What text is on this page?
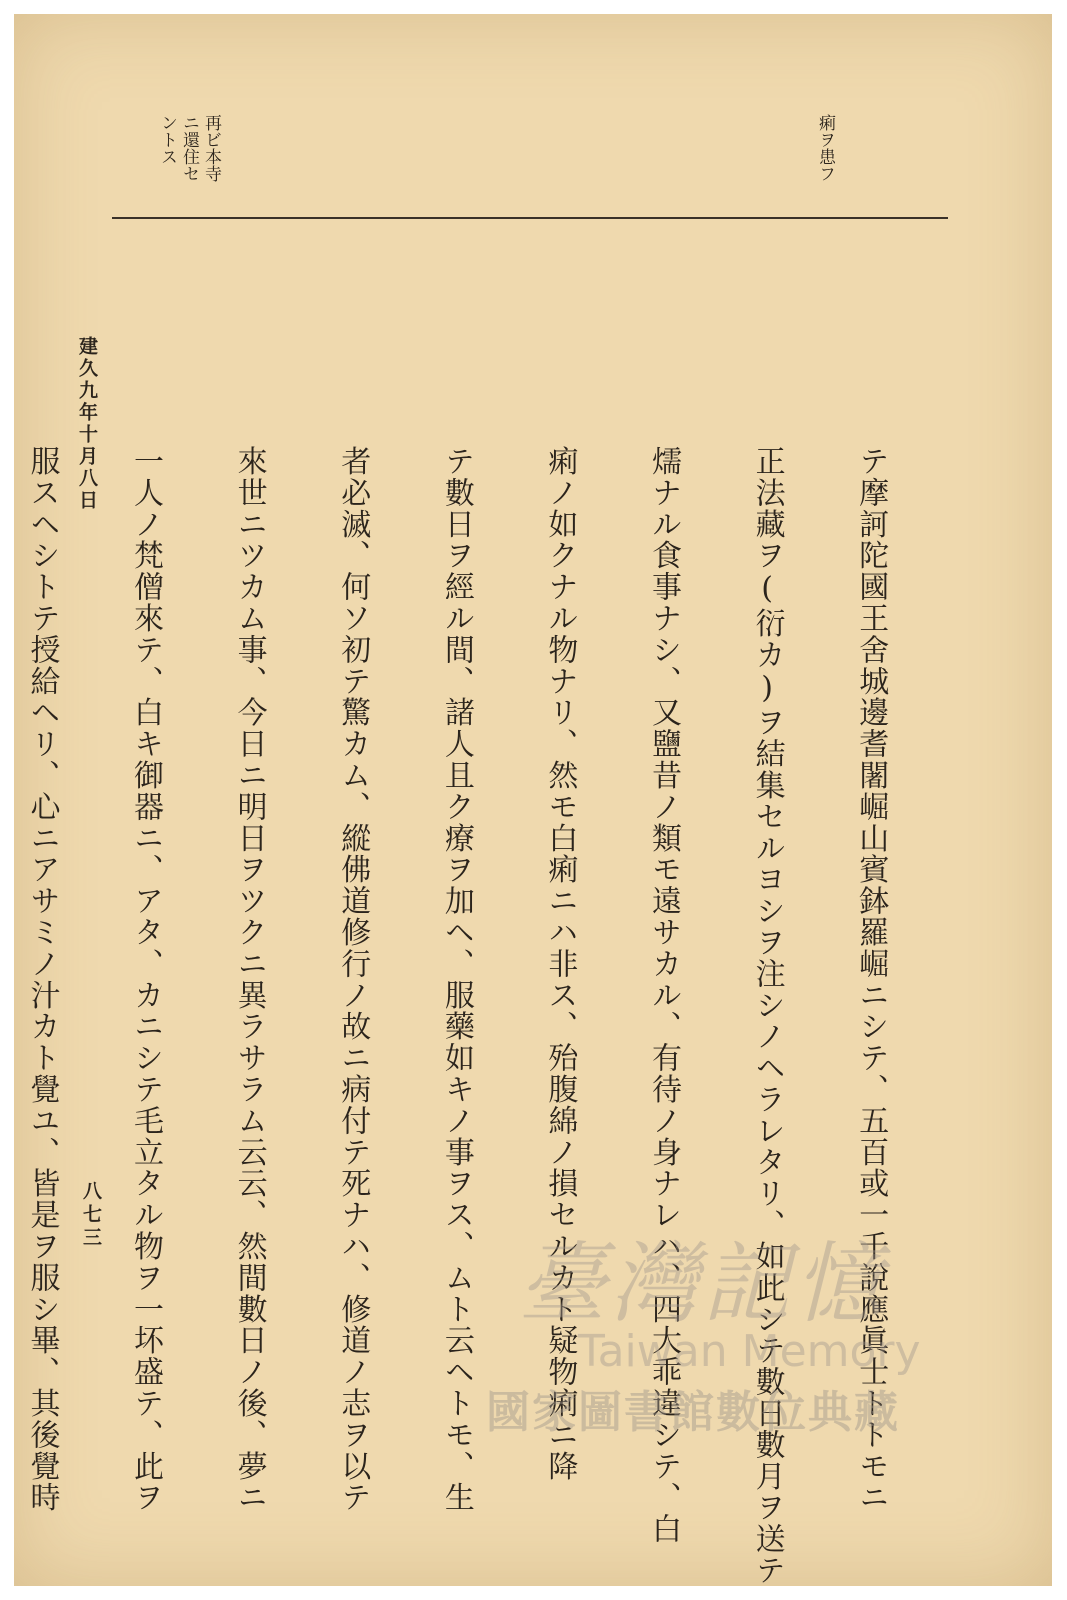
再ビ本寺
ニ還住セ
ントス	痢ヲ患フ

テ摩訶陀國王舍城邊耆闍崛山賓鉢羅崛ニシテ、五百或一千說應眞士トトモニ

正法藏ヲ(衍カ)ヲ結集セルヨシヲ注シノヘラレタリ、如此シテ數日數月ヲ送テ

燸ナル食事ナシ、又鹽昔ノ類モ遠サカル、有待ノ身ナレハ、四大乖違シテ、白

痢ノ如クナル物ナリ、然モ白痢ニハ非ス、殆腹綿ノ損セルカト疑物痢ニ降

テ數日ヲ經ル間、諸人且ク療ヲ加ヘ、服藥如キノ事ヲス、ムト云ヘトモ、生

者必滅、何ソ初テ驚カム、縱佛道修行ノ故ニ病付テ死ナハ、修道ノ志ヲ以テ

來世ニツカム事、今日ニ明日ヲツクニ異ラサラム云云、然間數日ノ後、夢ニ

一人ノ梵僧來テ、白キ御器ニ、アタ、カニシテ毛立タル物ヲ一坏盛テ、此ヲ

服スヘシトテ授給ヘリ、心ニアサミノ汁カト覺ユ、皆是ヲ服シ畢、其後覺時

建久九年十月八日
八七三
臺灣記憶
Taiwan Memory
國家圖書館數位典藏
